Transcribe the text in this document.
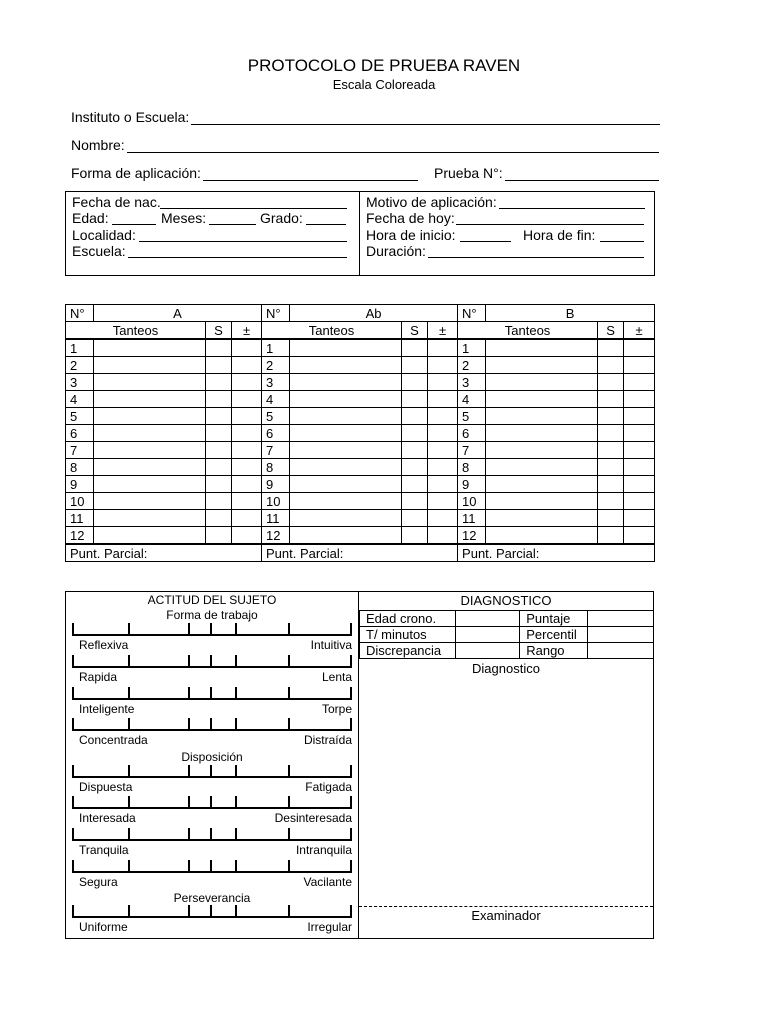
PROTOCOLO DE PRUEBA RAVEN
Escala Coloreada
Instituto o Escuela:
Nombre:
Forma de aplicación:	Prueba N°:
Fecha de nac.
Edad:	Meses:	Grado:
Localidad:
Escuela:
Motivo de aplicación:
Fecha de hoy:
Hora de inicio:	Hora de fin:
Duración:
N°	A			N°	Ab			N°	B		
Tanteos		S	±	Tanteos		S	±	Tanteos		S	±
1				1				1			
2				2				2			
3				3				3			
4				4				4			
5				5				5			
6				6				6			
7				7				7			
8				8				8			
9				9				9			
10				10				10			
11				11				11			
12				12				12			
Punt. Parcial:				Punt. Parcial:				Punt. Parcial:			
ACTITUD DEL SUJETO
Forma de trabajo
Disposición
Perseverancia
Reflexiva	Intuitiva
Rapida	Lenta
Inteligente	Torpe
Concentrada	Distraída
Dispuesta	Fatigada
Interesada	Desinteresada
Tranquila	Intranquila
Segura	Vacilante
Uniforme	Irregular
DIAGNOSTICO
Edad crono.		Puntaje	
T/ minutos		Percentil	
Discrepancia		Rango	
Diagnostico
Examinador
